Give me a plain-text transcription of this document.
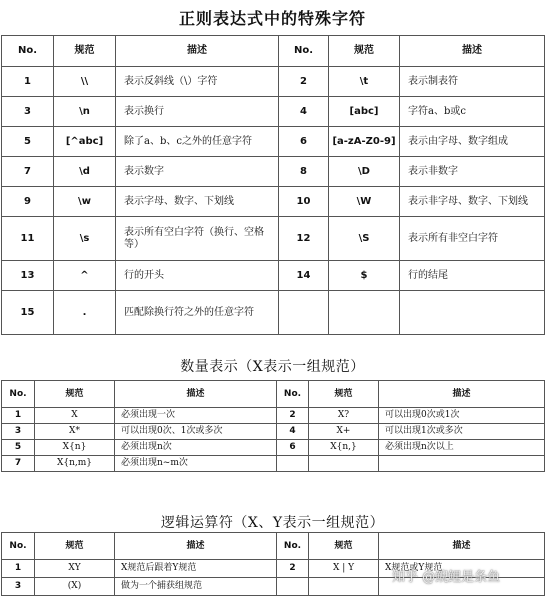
正则表达式中的特殊字符
No.	规范	描述	No.	规范	描述
1	\\	表示反斜线（\）字符	2	\t	表示制表符
3	\n	表示换行	4	[abc]	字符a、b或c
5	[^abc]	除了a、b、c之外的任意字符	6	[a-zA-Z0-9]	表示由字母、数字组成
7	\d	表示数字	8	\D	表示非数字
9	\w	表示字母、数字、下划线	10	\W	表示非字母、数字、下划线
11	\s	表示所有空白字符（换行、空格等）	12	\S	表示所有非空白字符
13	^	行的开头	14	$	行的结尾
15	.	匹配除换行符之外的任意字符			
数量表示（X表示一组规范）
No.	规范	描述	No.	规范	描述
1	X	必须出现一次	2	X?	可以出现0次或1次
3	X*	可以出现0次、1次或多次	4	X+	可以出现1次或多次
5	X{n}	必须出现n次	6	X{n,}	必须出现n次以上
7	X{n,m}	必须出现n~m次			
逻辑运算符（X、Y表示一组规范）
No.	规范	描述	No.	规范	描述
1	XY	X规范后跟着Y规范	2	X | Y	X规范或Y规范
3	(X)	做为一个捕获组规范			
知乎 @鲵鲤是条鱼
